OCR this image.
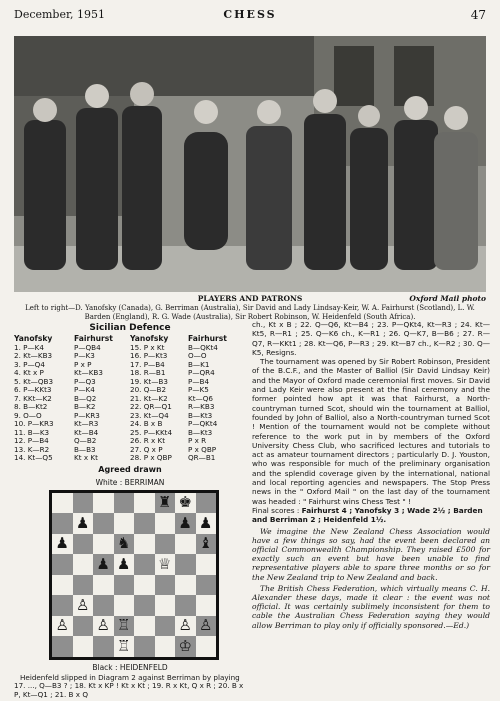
December, 1951	CHESS	47
PLAYERS AND PATRONS	Oxford Mail photo
Left to right—D. Yanofsky (Canada), G. Berriman (Australia), Sir David and Lady Lindsay-Keir, W. A. Fairhurst (Scotland), L. W. Barden (England), R. G. Wade (Australia), Sir Robert Robinson, W. Heidenfeld (South Africa).
Sicilian Defence
Yanofsky	Fairhurst	Yanofsky	Fairhurst
1. P—K4	P—QB4	15. P x Kt	B—QKt4
2. Kt—KB3	P—K3	16. P—Kt3	O—O
3. P—Q4	P x P	17. P—B4	B—K1
4. Kt x P	Kt—KB3	18. R—B1	P—QR4
5. Kt—QB3	P—Q3	19. Kt—B3	P—B4
6. P—KKt3	P—K4	20. Q—B2	P—K5
7. KKt—K2	B—Q2	21. Kt—K2	Kt—Q6
8. B—Kt2	B—K2	22. QR—Q1	R—KB3
9. O—O	P—KR3	23. Kt—Q4	B—Kt3
10. P—KR3	Kt—R3	24. B x B	P—QKt4
11. B—K3	Kt—B4	25. P—KKt4	B—Kt3
12. P—B4	Q—B2	26. R x Kt	P x R
13. K—R2	B—B3	27. Q x P	P x QBP
14. Kt—Q5	Kt x Kt	28. P x QBP	QR—B1
Agreed drawn
White : BERRIMAN
♜ ♚
♟	♟ ♟
♟	♞	♝
♟ ♟ ♕
♙
♙ ♙ ♖	♙ ♙
♖	♔
Black : HEIDENFELD
Heidenfeld slipped in Diagram 2 against Berriman by playing 17. ..., Q—B3 ? ; 18. Kt x KP ! Kt x Kt ; 19. R x Kt, Q x R ; 20. B x P, Kt—Q1 ; 21. B x Q

ch., Kt x B ; 22. Q—Q6, Kt—B4 ; 23. P—QKt4, Kt—R3 ; 24. Kt—Kt5, R—R1 ; 25. Q—K6 ch., K—R1 ; 26. Q—K7, B—B6 ; 27. R—Q7, R—KKt1 ; 28. Kt—Q6, P—R3 ; 29. Kt—B7 ch., K—R2 ; 30. Q—K5, Resigns.

The tournament was opened by Sir Robert Robinson, President of the B.C.F., and the Master of Balliol (Sir David Lindsay Keir) and the Mayor of Oxford made ceremonial first moves. Sir David and Lady Keir were also present at the final ceremony and the former pointed how apt it was that Fairhurst, a North-countryman turned Scot, should win the tournament at Balliol, founded by John of Balliol, also a North-countryman turned Scot ! Mention of the tournament would not be complete without reference to the work put in by members of the Oxford University Chess Club, who sacrificed lectures and tutorials to act as amateur tournament directors ; particularly D. J. Youston, who was responsible for much of the preliminary organisation and the splendid coverage given by the international, national and local reporting agencies and newspapers. The Stop Press news in the " Oxford Mail " on the last day of the tournament was headed : " Fairhurst wins Chess Test " !

Final scores : Fairhurst 4 ; Yanofsky 3 ; Wade 2½ ; Barden and Berriman 2 ; Heidenfeld 1½.

We imagine the New Zealand Chess Association would have a few things so say, had the event been declared an official Commonwealth Championship. They raised £500 for exactly such an event but have been unable to find representative players able to spare three months or so for the New Zealand trip to New Zealand and back.

The British Chess Federation, which virtually means C. H. Alexander these days, made it clear : the event was not official. It was certainly sublimely inconsistent for them to cable the Australian Chess Federation saying they would allow Berriman to play only if officially sponsored.—Ed.)
